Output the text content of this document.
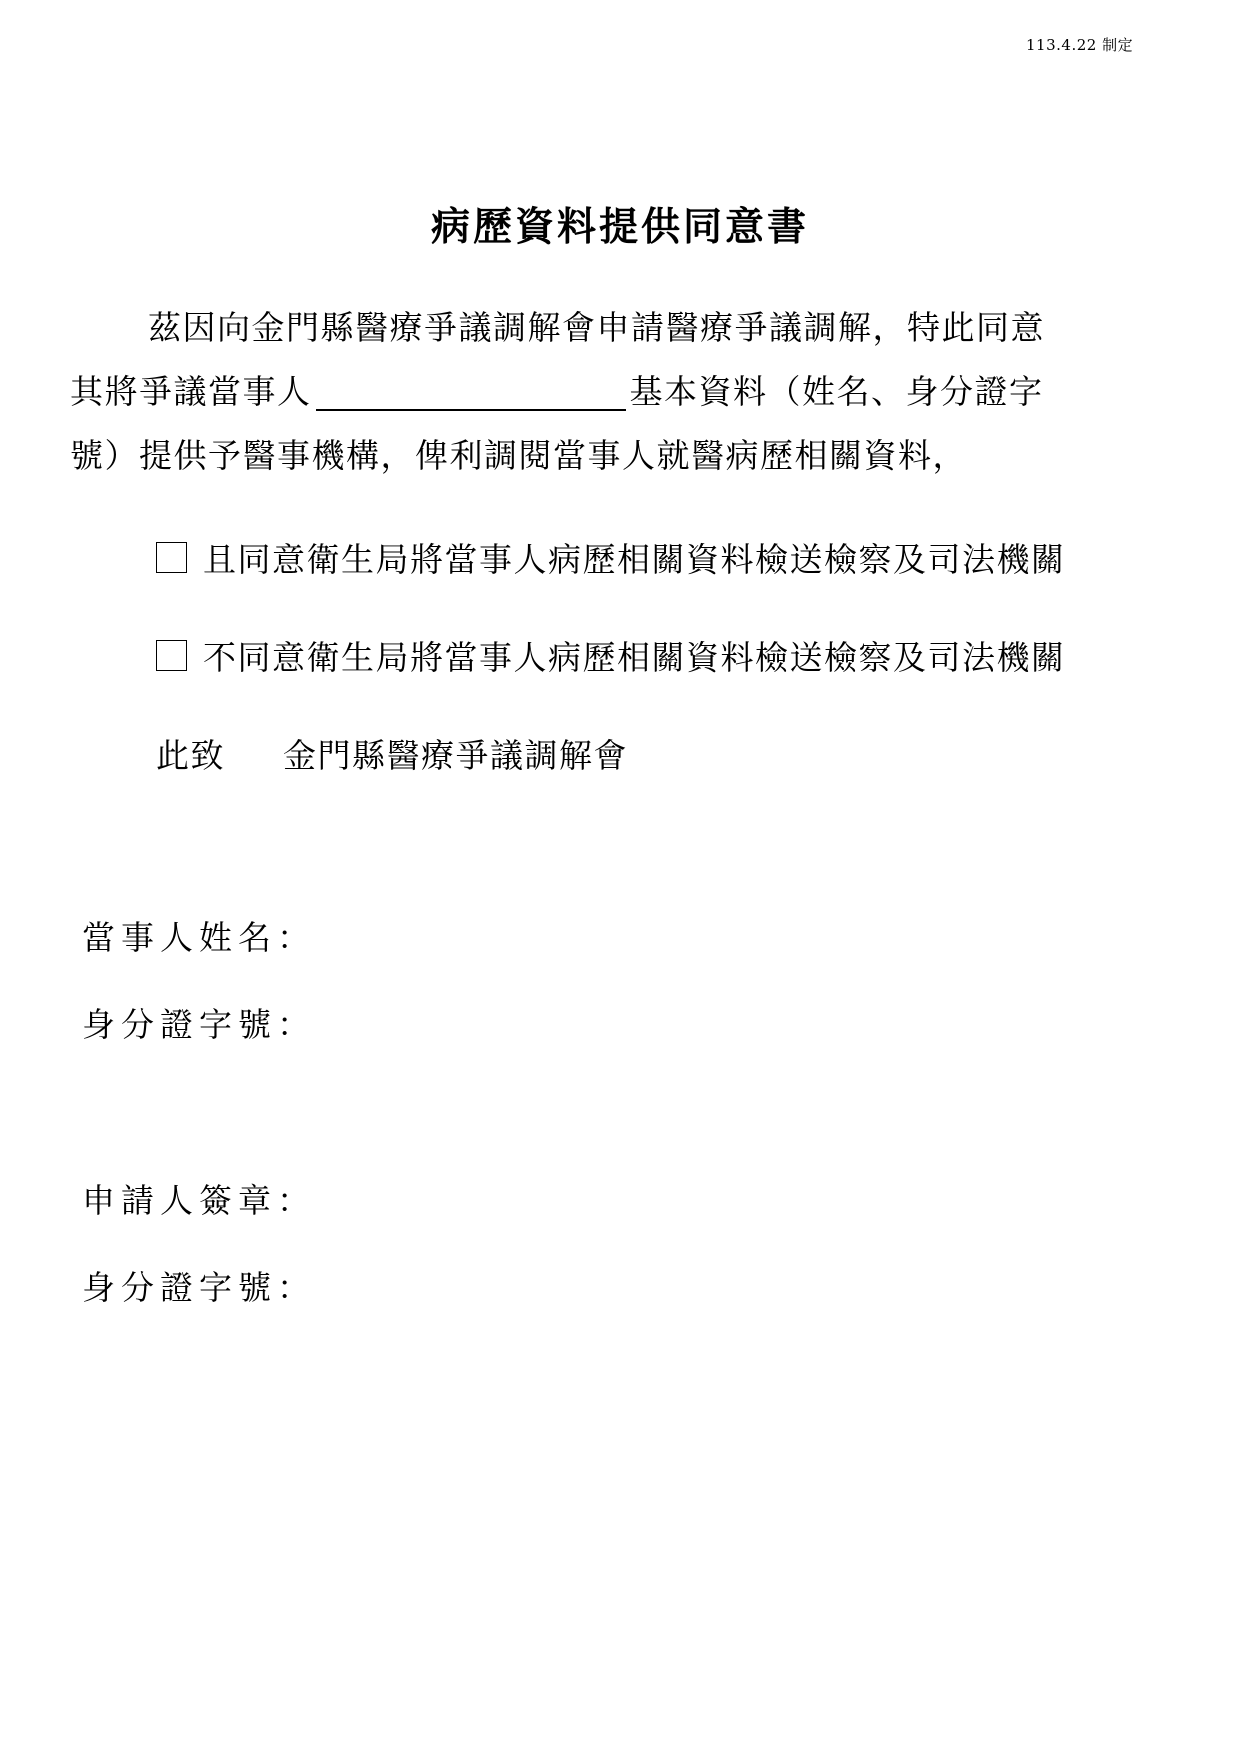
113.4.22 制定
病歷資料提供同意書
茲因向金門縣醫療爭議調解會申請醫療爭議調解，特此同意
其將爭議當事人	基本資料（姓名、身分證字
號）提供予醫事機構，俾利調閱當事人就醫病歷相關資料，
且同意衛生局將當事人病歷相關資料檢送檢察及司法機關
不同意衛生局將當事人病歷相關資料檢送檢察及司法機關
此致 金門縣醫療爭議調解會
當事人姓名：
身分證字號：
申請人簽章：
身分證字號：
